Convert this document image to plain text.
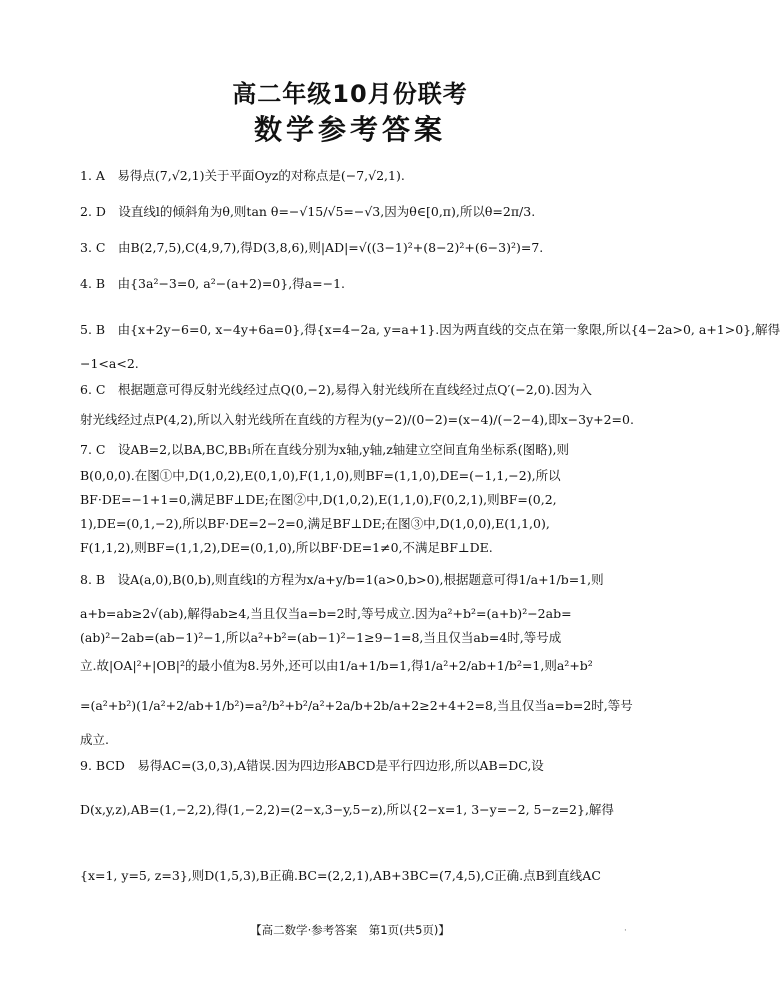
高二年级10月份联考
数学参考答案
1. A　易得点(7,√2,1)关于平面Oyz的对称点是(−7,√2,1).
2. D　设直线l的倾斜角为θ,则tan θ=−√15/√5=−√3,因为θ∈[0,π),所以θ=2π/3.
3. C　由B(2,7,5),C(4,9,7),得D(3,8,6),则|AD|=√((3−1)²+(8−2)²+(6−3)²)=7.
4. B　由{3a²−3=0, a²−(a+2)=0},得a=−1.
5. B　由{x+2y−6=0, x−4y+6a=0},得{x=4−2a, y=a+1}.因为两直线的交点在第一象限,所以{4−2a>0, a+1>0},解得
−1<a<2.
6. C　根据题意可得反射光线经过点Q(0,−2),易得入射光线所在直线经过点Q′(−2,0).因为入
射光线经过点P(4,2),所以入射光线所在直线的方程为(y−2)/(0−2)=(x−4)/(−2−4),即x−3y+2=0.
7. C　设AB=2,以BA,BC,BB₁所在直线分别为x轴,y轴,z轴建立空间直角坐标系(图略),则
B(0,0,0).在图①中,D(1,0,2),E(0,1,0),F(1,1,0),则BF=(1,1,0),DE=(−1,1,−2),所以
BF·DE=−1+1=0,满足BF⊥DE;在图②中,D(1,0,2),E(1,1,0),F(0,2,1),则BF=(0,2,
1),DE=(0,1,−2),所以BF·DE=2−2=0,满足BF⊥DE;在图③中,D(1,0,0),E(1,1,0),
F(1,1,2),则BF=(1,1,2),DE=(0,1,0),所以BF·DE=1≠0,不满足BF⊥DE.
8. B　设A(a,0),B(0,b),则直线l的方程为x/a+y/b=1(a>0,b>0),根据题意可得1/a+1/b=1,则
a+b=ab≥2√(ab),解得ab≥4,当且仅当a=b=2时,等号成立.因为a²+b²=(a+b)²−2ab=
(ab)²−2ab=(ab−1)²−1,所以a²+b²=(ab−1)²−1≥9−1=8,当且仅当ab=4时,等号成
立.故|OA|²+|OB|²的最小值为8.另外,还可以由1/a+1/b=1,得1/a²+2/ab+1/b²=1,则a²+b²
=(a²+b²)(1/a²+2/ab+1/b²)=a²/b²+b²/a²+2a/b+2b/a+2≥2+4+2=8,当且仅当a=b=2时,等号
成立.
9. BCD　易得AC=(3,0,3),A错误.因为四边形ABCD是平行四边形,所以AB=DC,设
D(x,y,z),AB=(1,−2,2),得(1,−2,2)=(2−x,3−y,5−z),所以{2−x=1, 3−y=−2, 5−z=2},解得
{x=1, y=5, z=3},则D(1,5,3),B正确.BC=(2,2,1),AB+3BC=(7,4,5),C正确.点B到直线AC
【高二数学·参考答案　第1页(共5页)】	·
